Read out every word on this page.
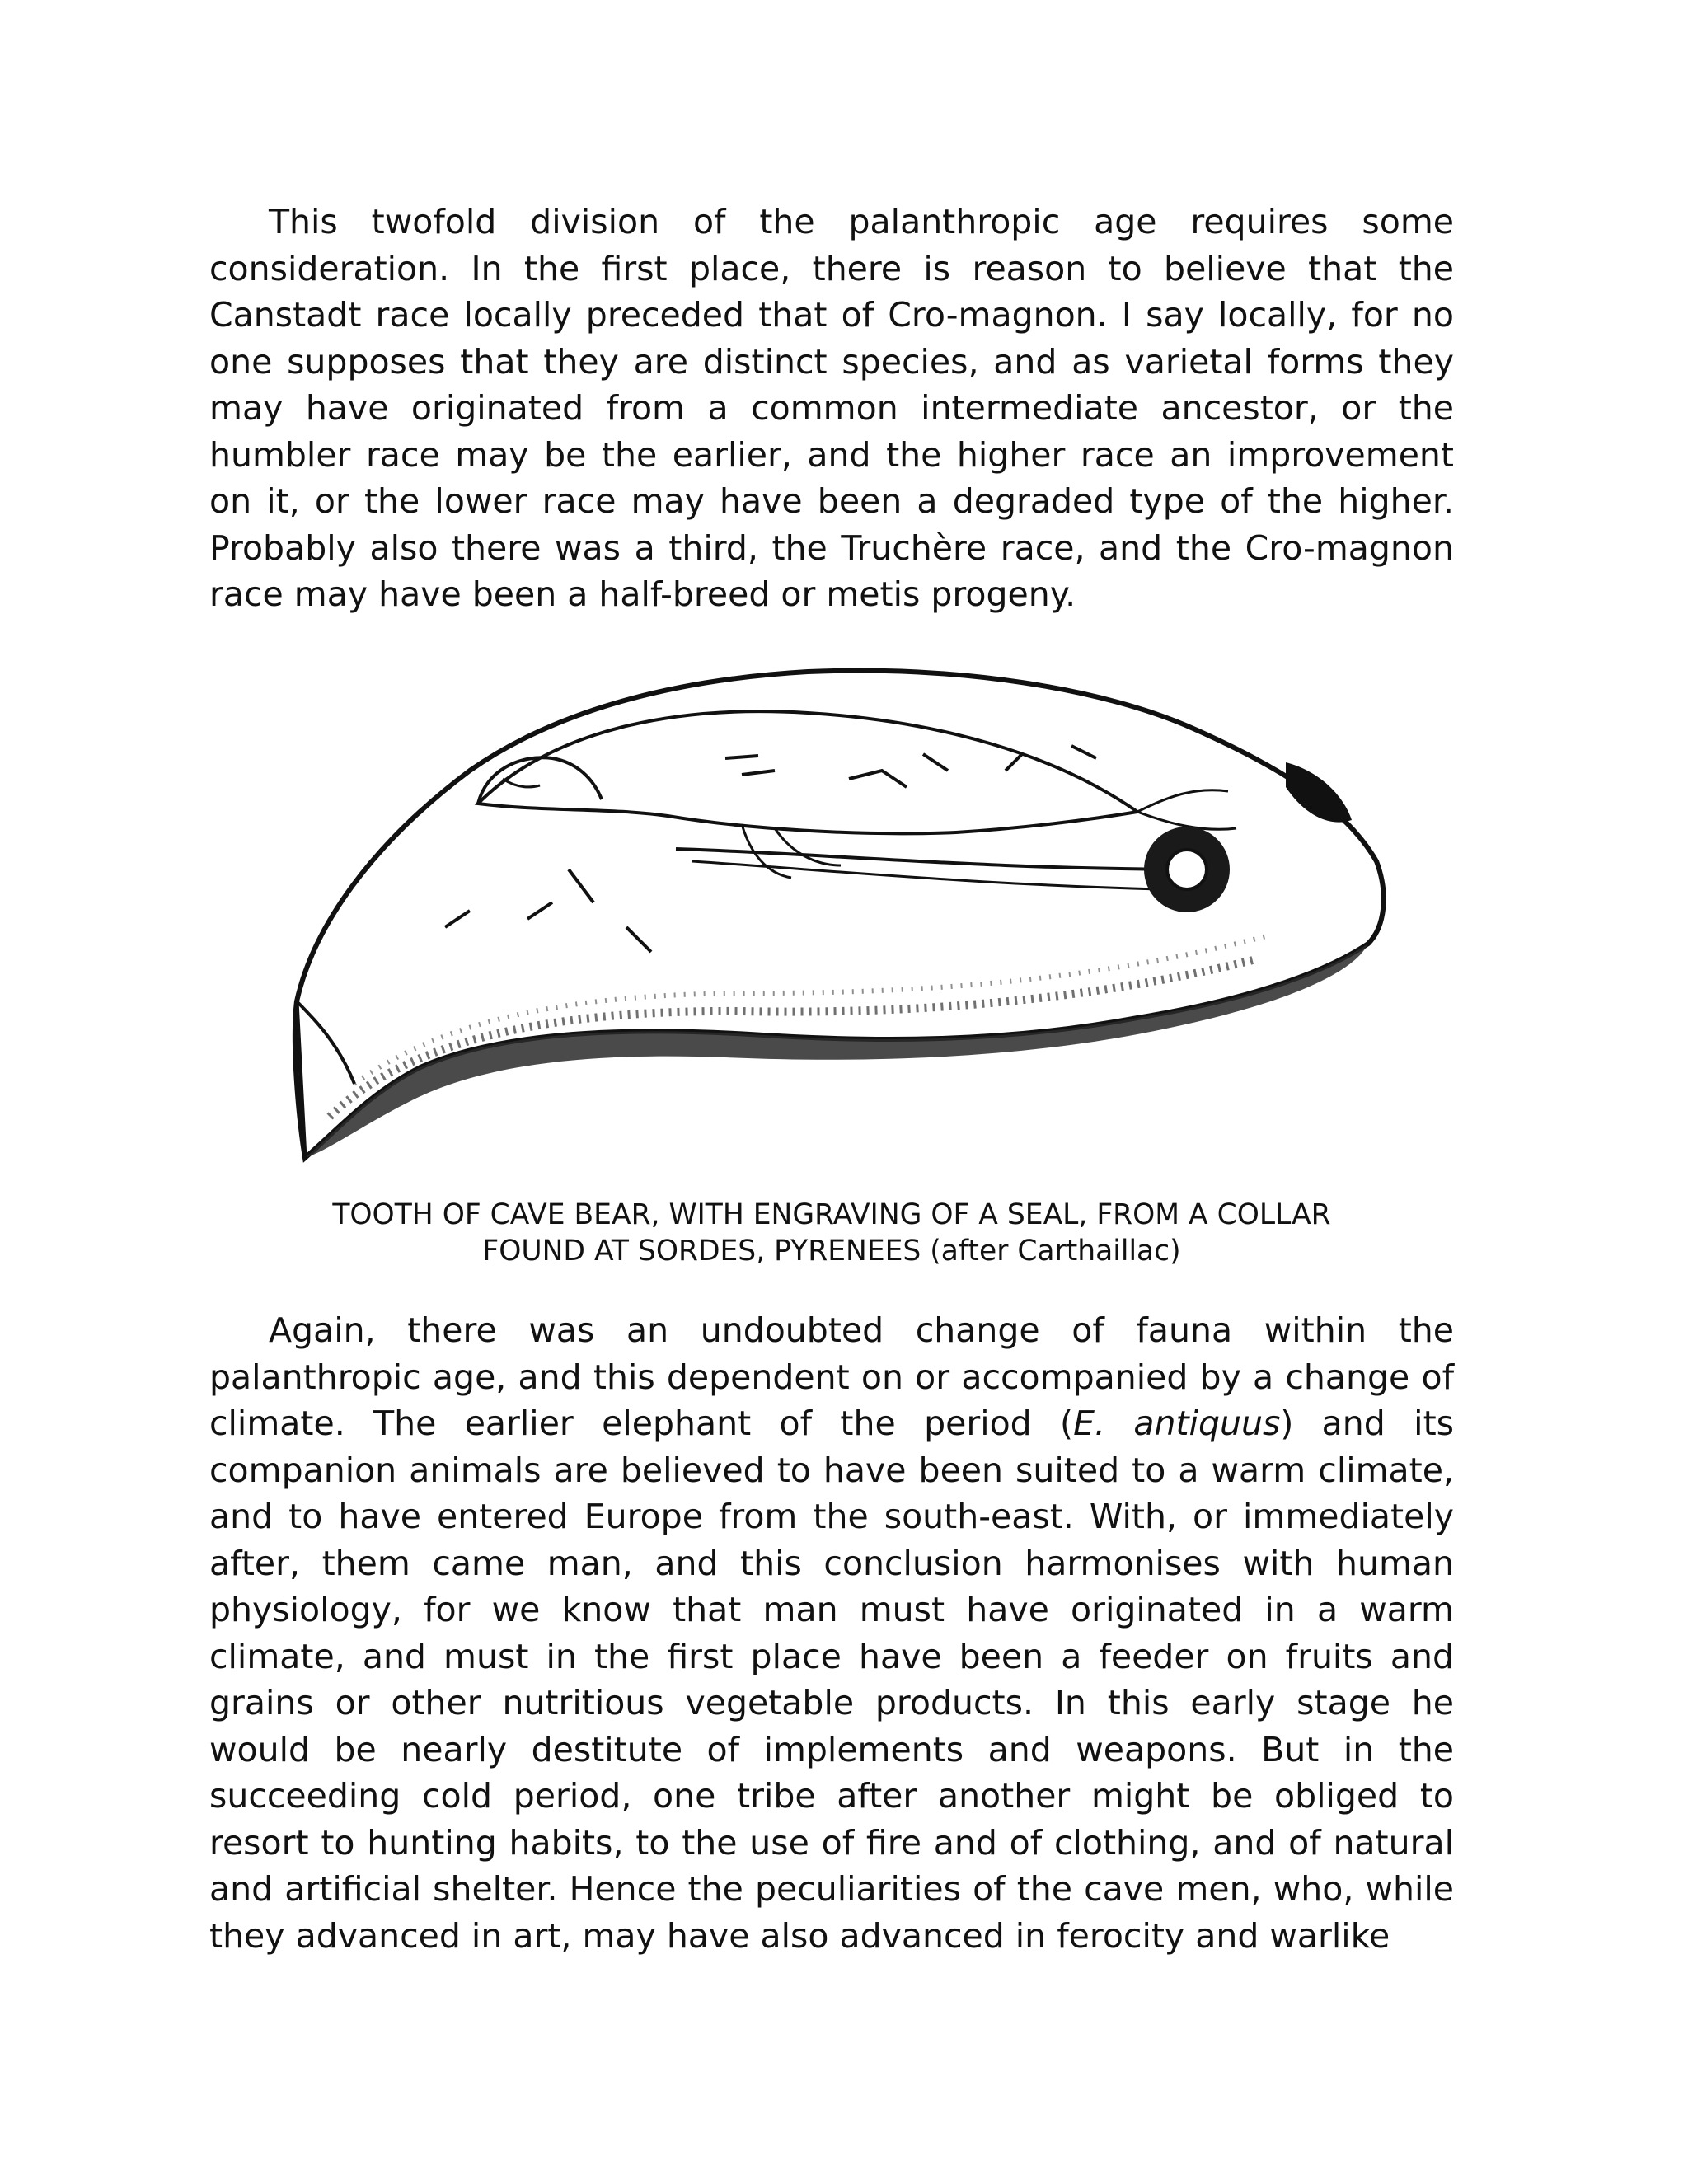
This twofold division of the palanthropic age requires some consideration. In the first place, there is reason to believe that the Canstadt race locally preceded that of Cro-magnon. I say locally, for no one supposes that they are distinct species, and as varietal forms they may have originated from a common intermediate ancestor, or the humbler race may be the earlier, and the higher race an improvement on it, or the lower race may have been a degraded type of the higher. Probably also there was a third, the Truchère race, and the Cro-magnon race may have been a half-breed or metis progeny.

TOOTH OF CAVE BEAR, WITH ENGRAVING OF A SEAL, FROM A COLLAR
FOUND AT SORDES, PYRENEES (after Carthaillac)

Again, there was an undoubted change of fauna within the palanthropic age, and this dependent on or accompanied by a change of climate. The earlier elephant of the period (E. antiquus) and its companion animals are believed to have been suited to a warm climate, and to have entered Europe from the south-east. With, or immediately after, them came man, and this conclusion harmonises with human physiology, for we know that man must have originated in a warm climate, and must in the first place have been a feeder on fruits and grains or other nutritious vegetable products. In this early stage he would be nearly destitute of implements and weapons. But in the succeeding cold period, one tribe after another might be obliged to resort to hunting habits, to the use of fire and of clothing, and of natural and artificial shelter. Hence the peculiarities of the cave men, who, while they advanced in art, may have also advanced in ferocity and warlike
